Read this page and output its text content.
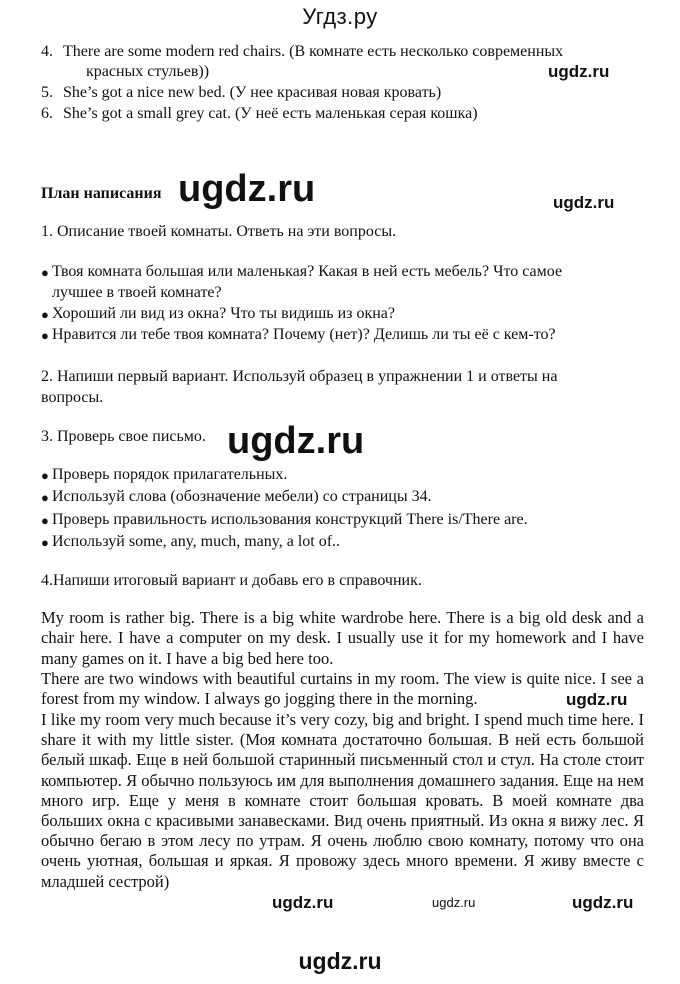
Угдз.ру
4. There are some modern red chairs. (В комнате есть несколько современных
красных стульев))
5. She’s got a nice new bed. (У нее красивая новая кровать)
6. She’s got a small grey cat. (У неё есть маленькая серая кошка)
ugdz.ru
План написания ugdz.ru	ugdz.ru
1. Описание твоей комнаты. Ответь на эти вопросы.
● Твоя комната большая или маленькая? Какая в ней есть мебель? Что самое
лучшее в твоей комнате?
● Хороший ли вид из окна? Что ты видишь из окна?
● Нравится ли тебе твоя комната? Почему (нет)? Делишь ли ты её с кем-то?
2. Напиши первый вариант. Используй образец в упражнении 1 и ответы на
вопросы.
3. Проверь свое письмо. ugdz.ru
● Проверь порядок прилагательных.
● Используй слова (обозначение мебели) со страницы 34.
● Проверь правильность использования конструкций There is/There are.
● Используй some, any, much, many, a lot of..
4.Напиши итоговый вариант и добавь его в справочник.
My room is rather big. There is a big white wardrobe here. There is a big old desk and a chair here. I have a computer on my desk. I usually use it for my homework and I have many games on it. I have a big bed here too.
There are two windows with beautiful curtains in my room. The view is quite nice. I see a forest from my window. I always go jogging there in the morning.	ugdz.ru
I like my room very much because it’s very cozy, big and bright. I spend much time here. I share it with my little sister. (Моя комната достаточно большая. В ней есть большой белый шкаф. Еще в ней большой старинный письменный стол и стул. На столе стоит компьютер. Я обычно пользуюсь им для выполнения домашнего задания. Еще на нем много игр. Еще у меня в комнате стоит большая кровать. В моей комнате два больших окна с красивыми занавесками. Вид очень приятный. Из окна я вижу лес. Я обычно бегаю в этом лесу по утрам. Я очень люблю свою комнату, потому что она очень уютная, большая и яркая. Я провожу здесь много времени. Я живу вместе с младшей сестрой)
ugdz.ru	ugdz.ru	ugdz.ru
ugdz.ru
